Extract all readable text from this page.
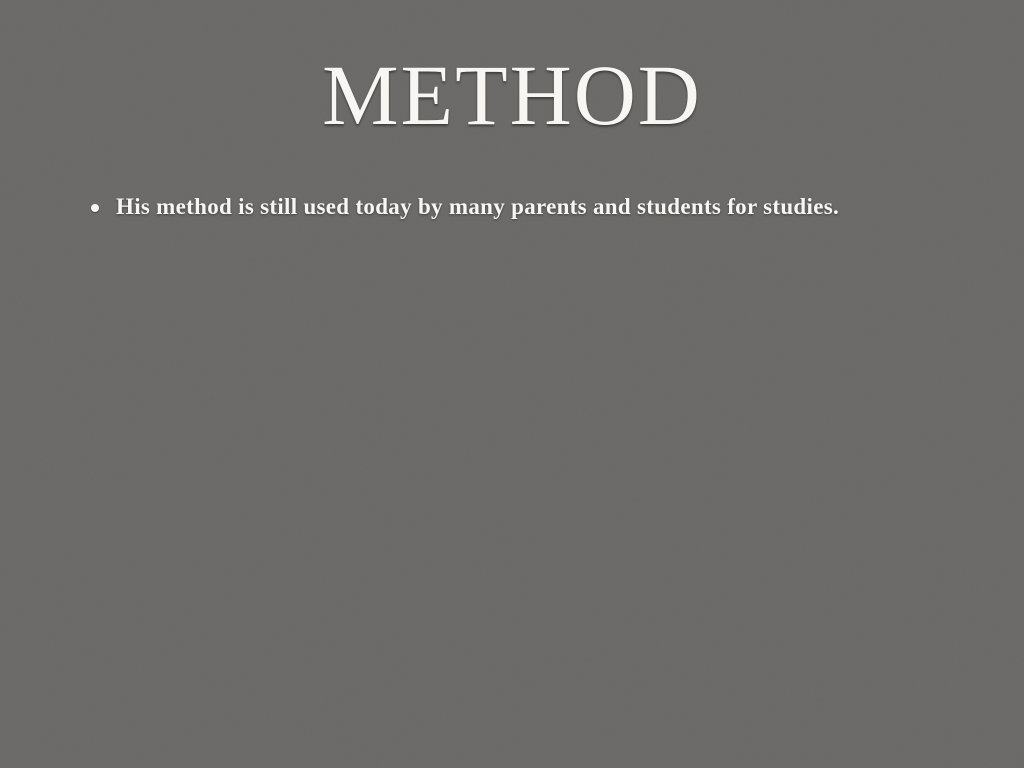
METHOD
His method is still used today by many parents and students for studies.
